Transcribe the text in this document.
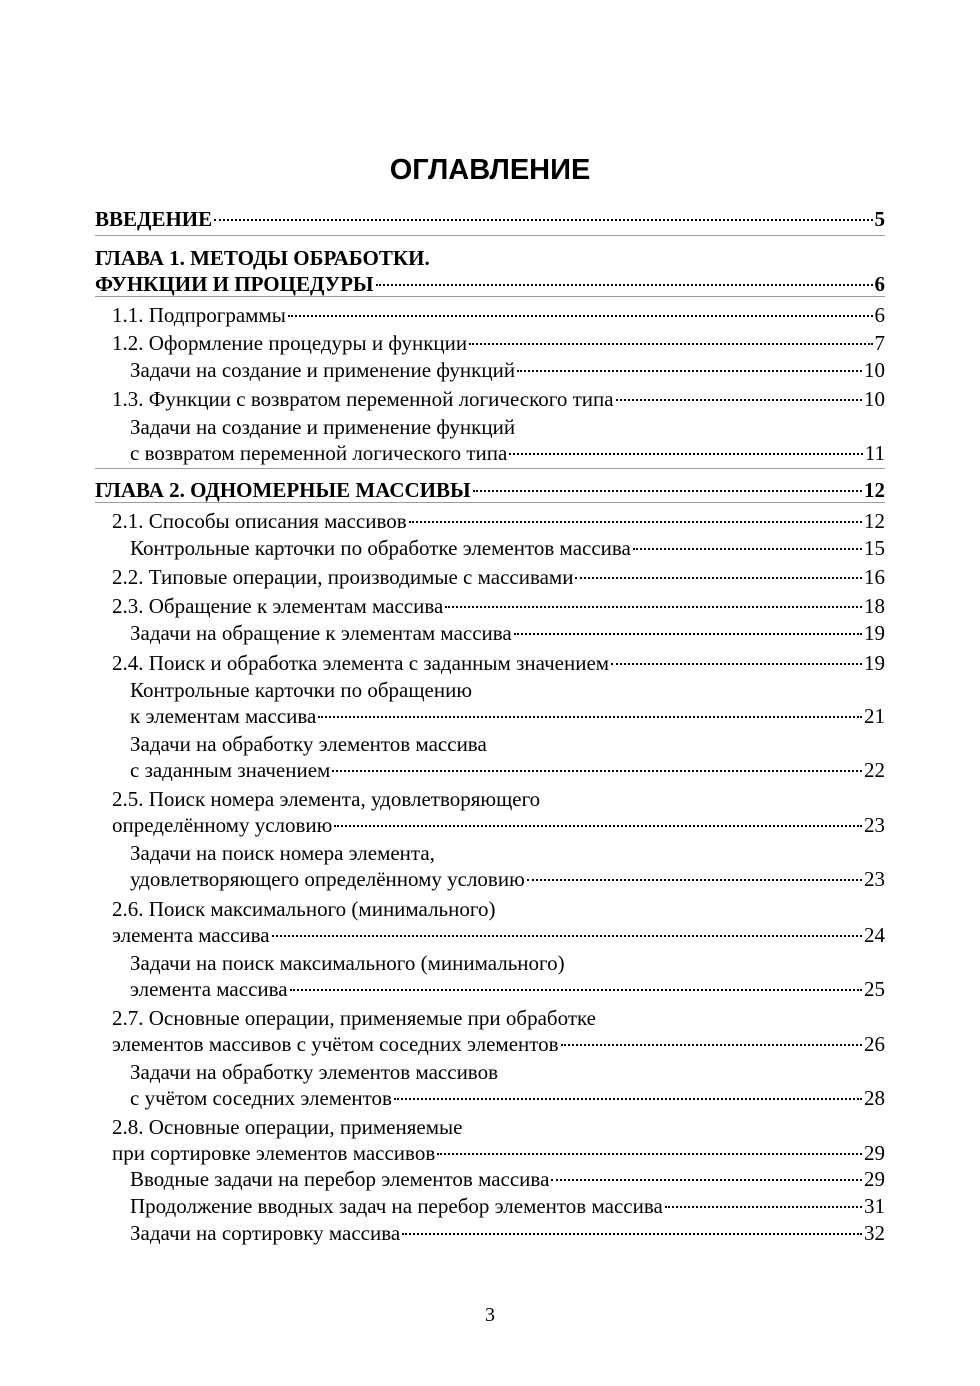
ОГЛАВЛЕНИЕ
ВВЕДЕНИЕ	5
ГЛАВА 1. МЕТОДЫ ОБРАБОТКИ.
ФУНКЦИИ И ПРОЦЕДУРЫ	6
1.1. Подпрограммы	6
1.2. Оформление процедуры и функции	7
Задачи на создание и применение функций	10
1.3. Функции с возвратом переменной логического типа	10
Задачи на создание и применение функций
с возвратом переменной логического типа	11
ГЛАВА 2. ОДНОМЕРНЫЕ МАССИВЫ	12
2.1. Способы описания массивов	12
Контрольные карточки по обработке элементов массива	15
2.2. Типовые операции, производимые с массивами	16
2.3. Обращение к элементам массива	18
Задачи на обращение к элементам массива	19
2.4. Поиск и обработка элемента с заданным значением	19
Контрольные карточки по обращению
к элементам массива	21
Задачи на обработку элементов массива
с заданным значением	22
2.5. Поиск номера элемента, удовлетворяющего
определённому условию	23
Задачи на поиск номера элемента,
удовлетворяющего определённому условию	23
2.6. Поиск максимального (минимального)
элемента массива	24
Задачи на поиск максимального (минимального)
элемента массива	25
2.7. Основные операции, применяемые при обработке
элементов массивов с учётом соседних элементов	26
Задачи на обработку элементов массивов
с учётом соседних элементов	28
2.8. Основные операции, применяемые
при сортировке элементов массивов	29
Вводные задачи на перебор элементов массива	29
Продолжение вводных задач на перебор элементов массива	31
Задачи на сортировку массива	32
3
